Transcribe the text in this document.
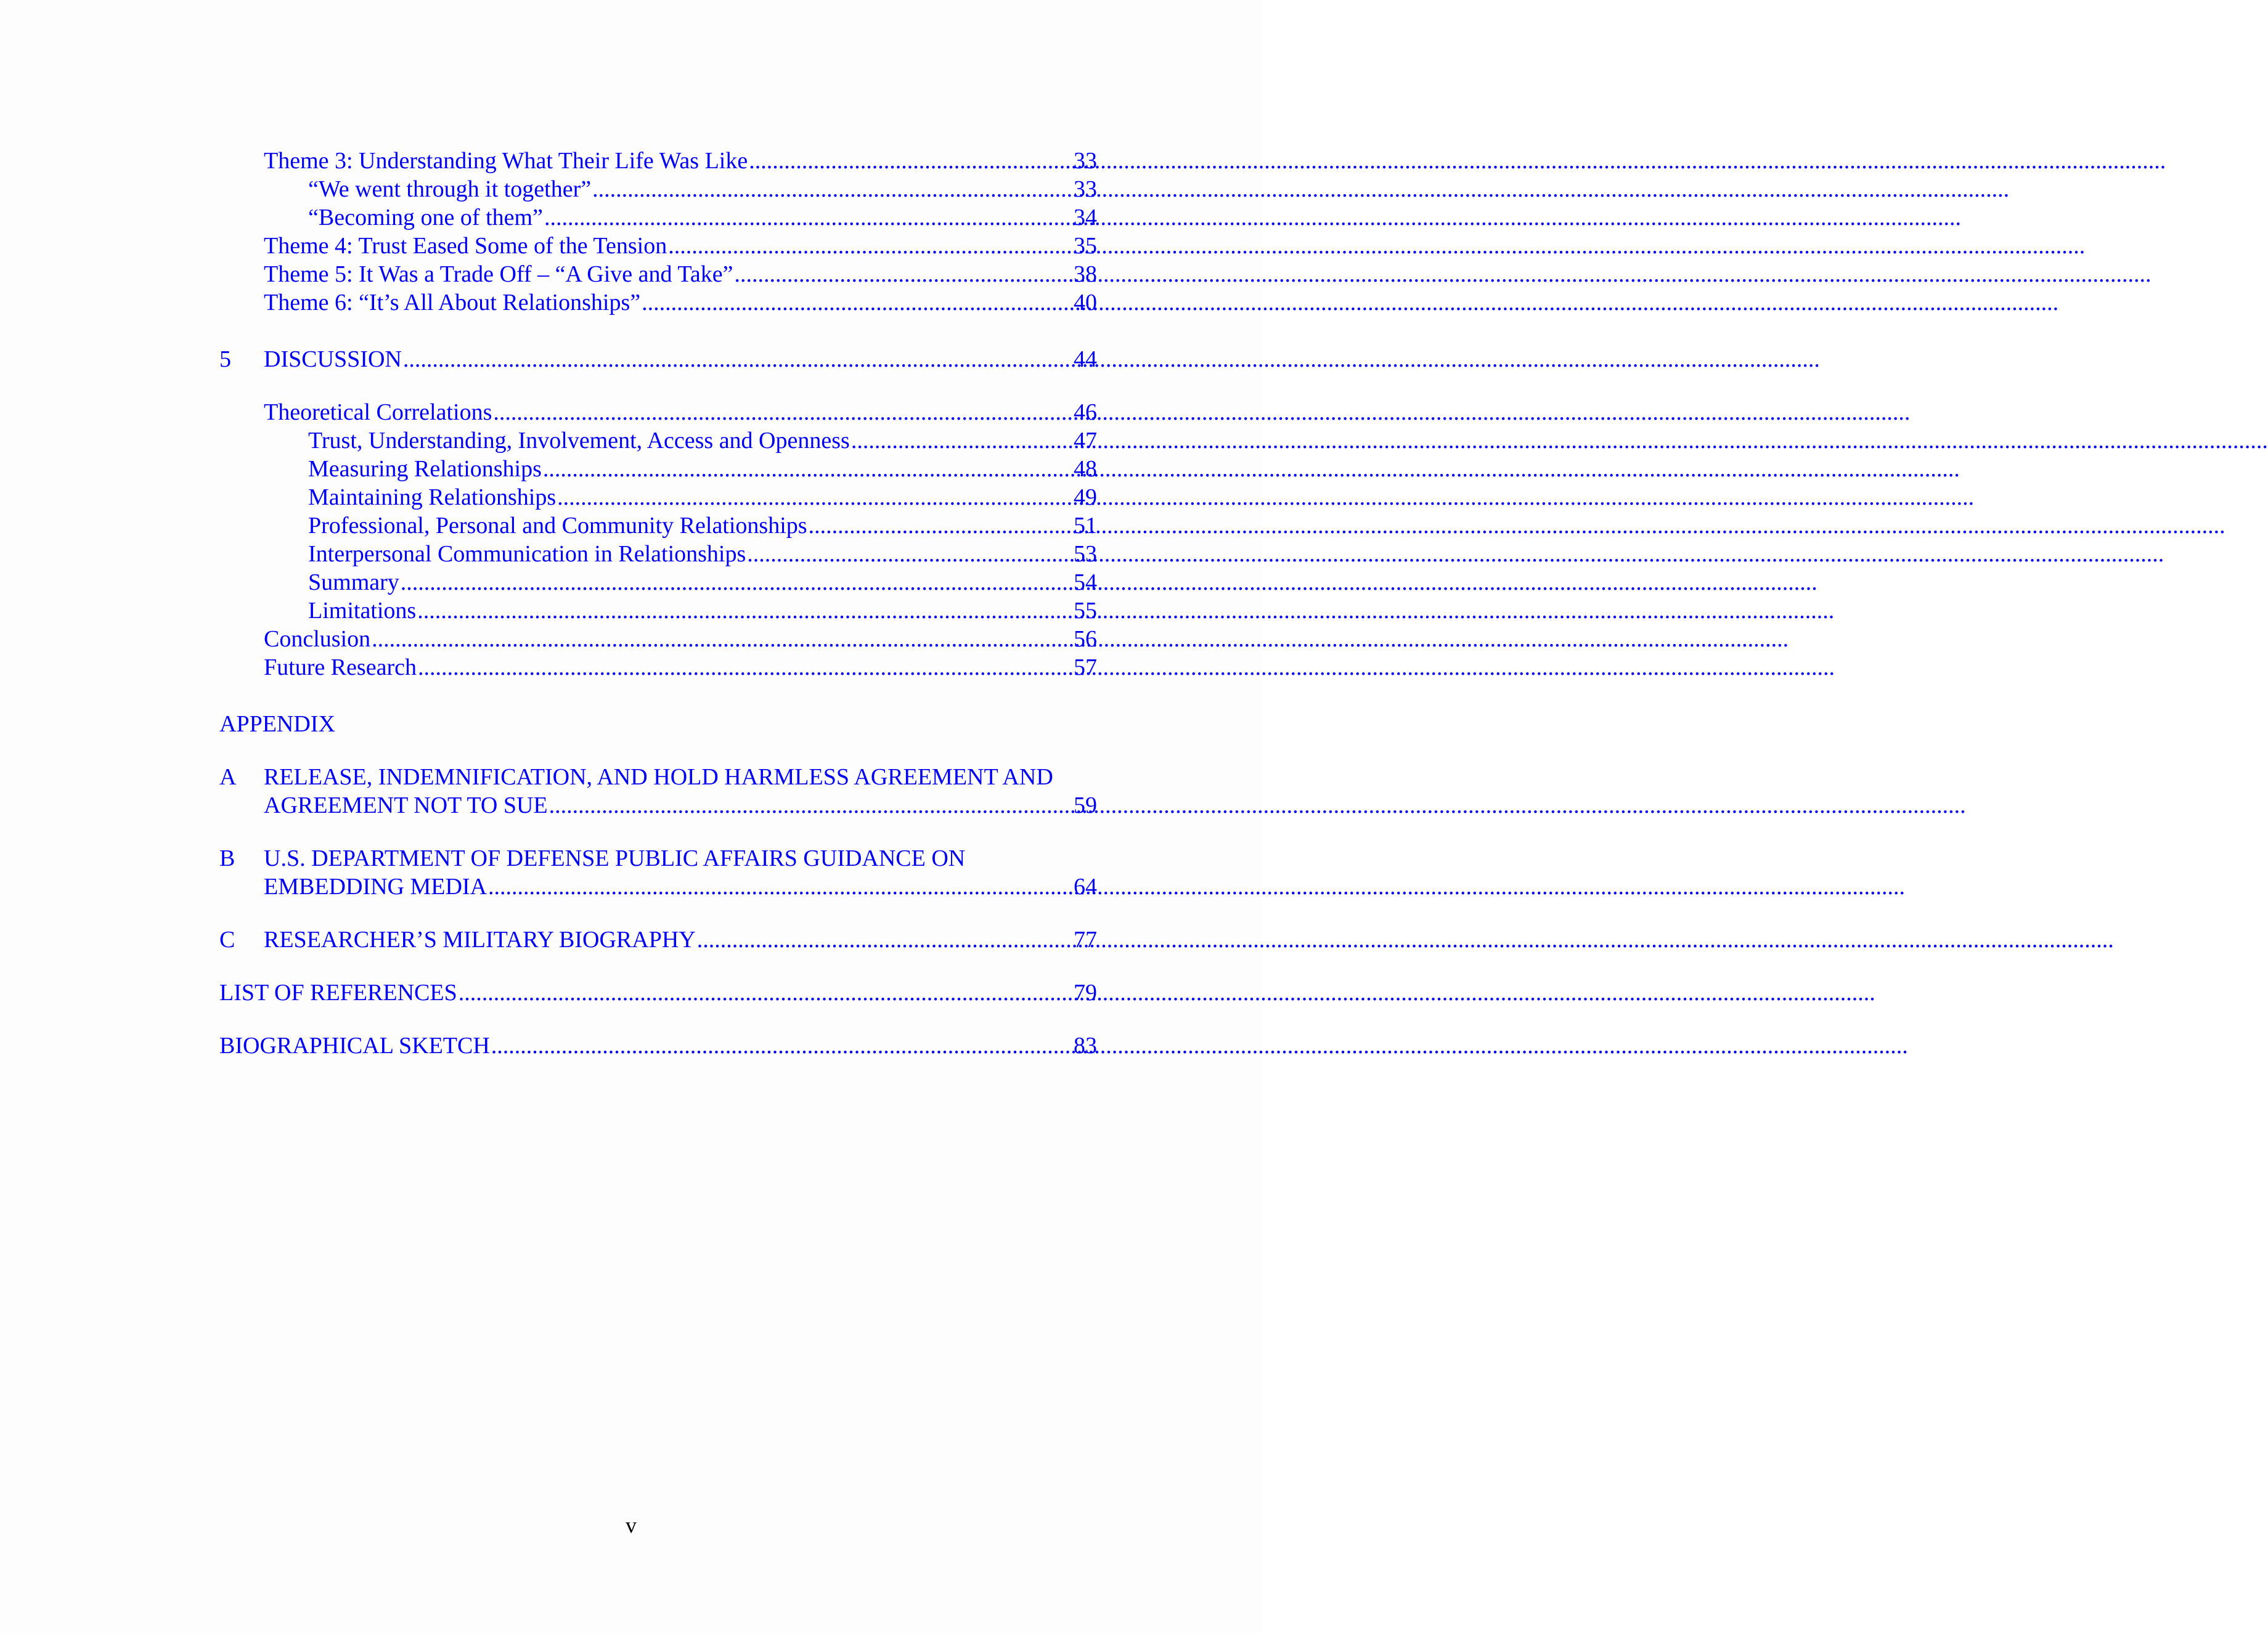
Theme 3: Understanding What Their Life Was Like .....	33
“We went through it together” .....	33
“Becoming one of them” .....	34
Theme 4: Trust Eased Some of the Tension .....	35
Theme 5: It Was a Trade Off – “A Give and Take” .....	38
Theme 6: “It’s All About Relationships” .....	40
5	DISCUSSION .....	44
Theoretical Correlations .....	46
Trust, Understanding, Involvement, Access and Openness .....	47
Measuring Relationships .....	48
Maintaining Relationships .....	49
Professional, Personal and Community Relationships .....	51
Interpersonal Communication in Relationships .....	53
Summary .....	54
Limitations .....	55
Conclusion .....	56
Future Research .....	57
APPENDIX
A	RELEASE, INDEMNIFICATION, AND HOLD HARMLESS AGREEMENT AND
AGREEMENT NOT TO SUE .....	59
B	U.S. DEPARTMENT OF DEFENSE PUBLIC AFFAIRS GUIDANCE ON
EMBEDDING MEDIA .....	64
C	RESEARCHER’S MILITARY BIOGRAPHY .....	77
LIST OF REFERENCES .....	79
BIOGRAPHICAL SKETCH .....	83
v
